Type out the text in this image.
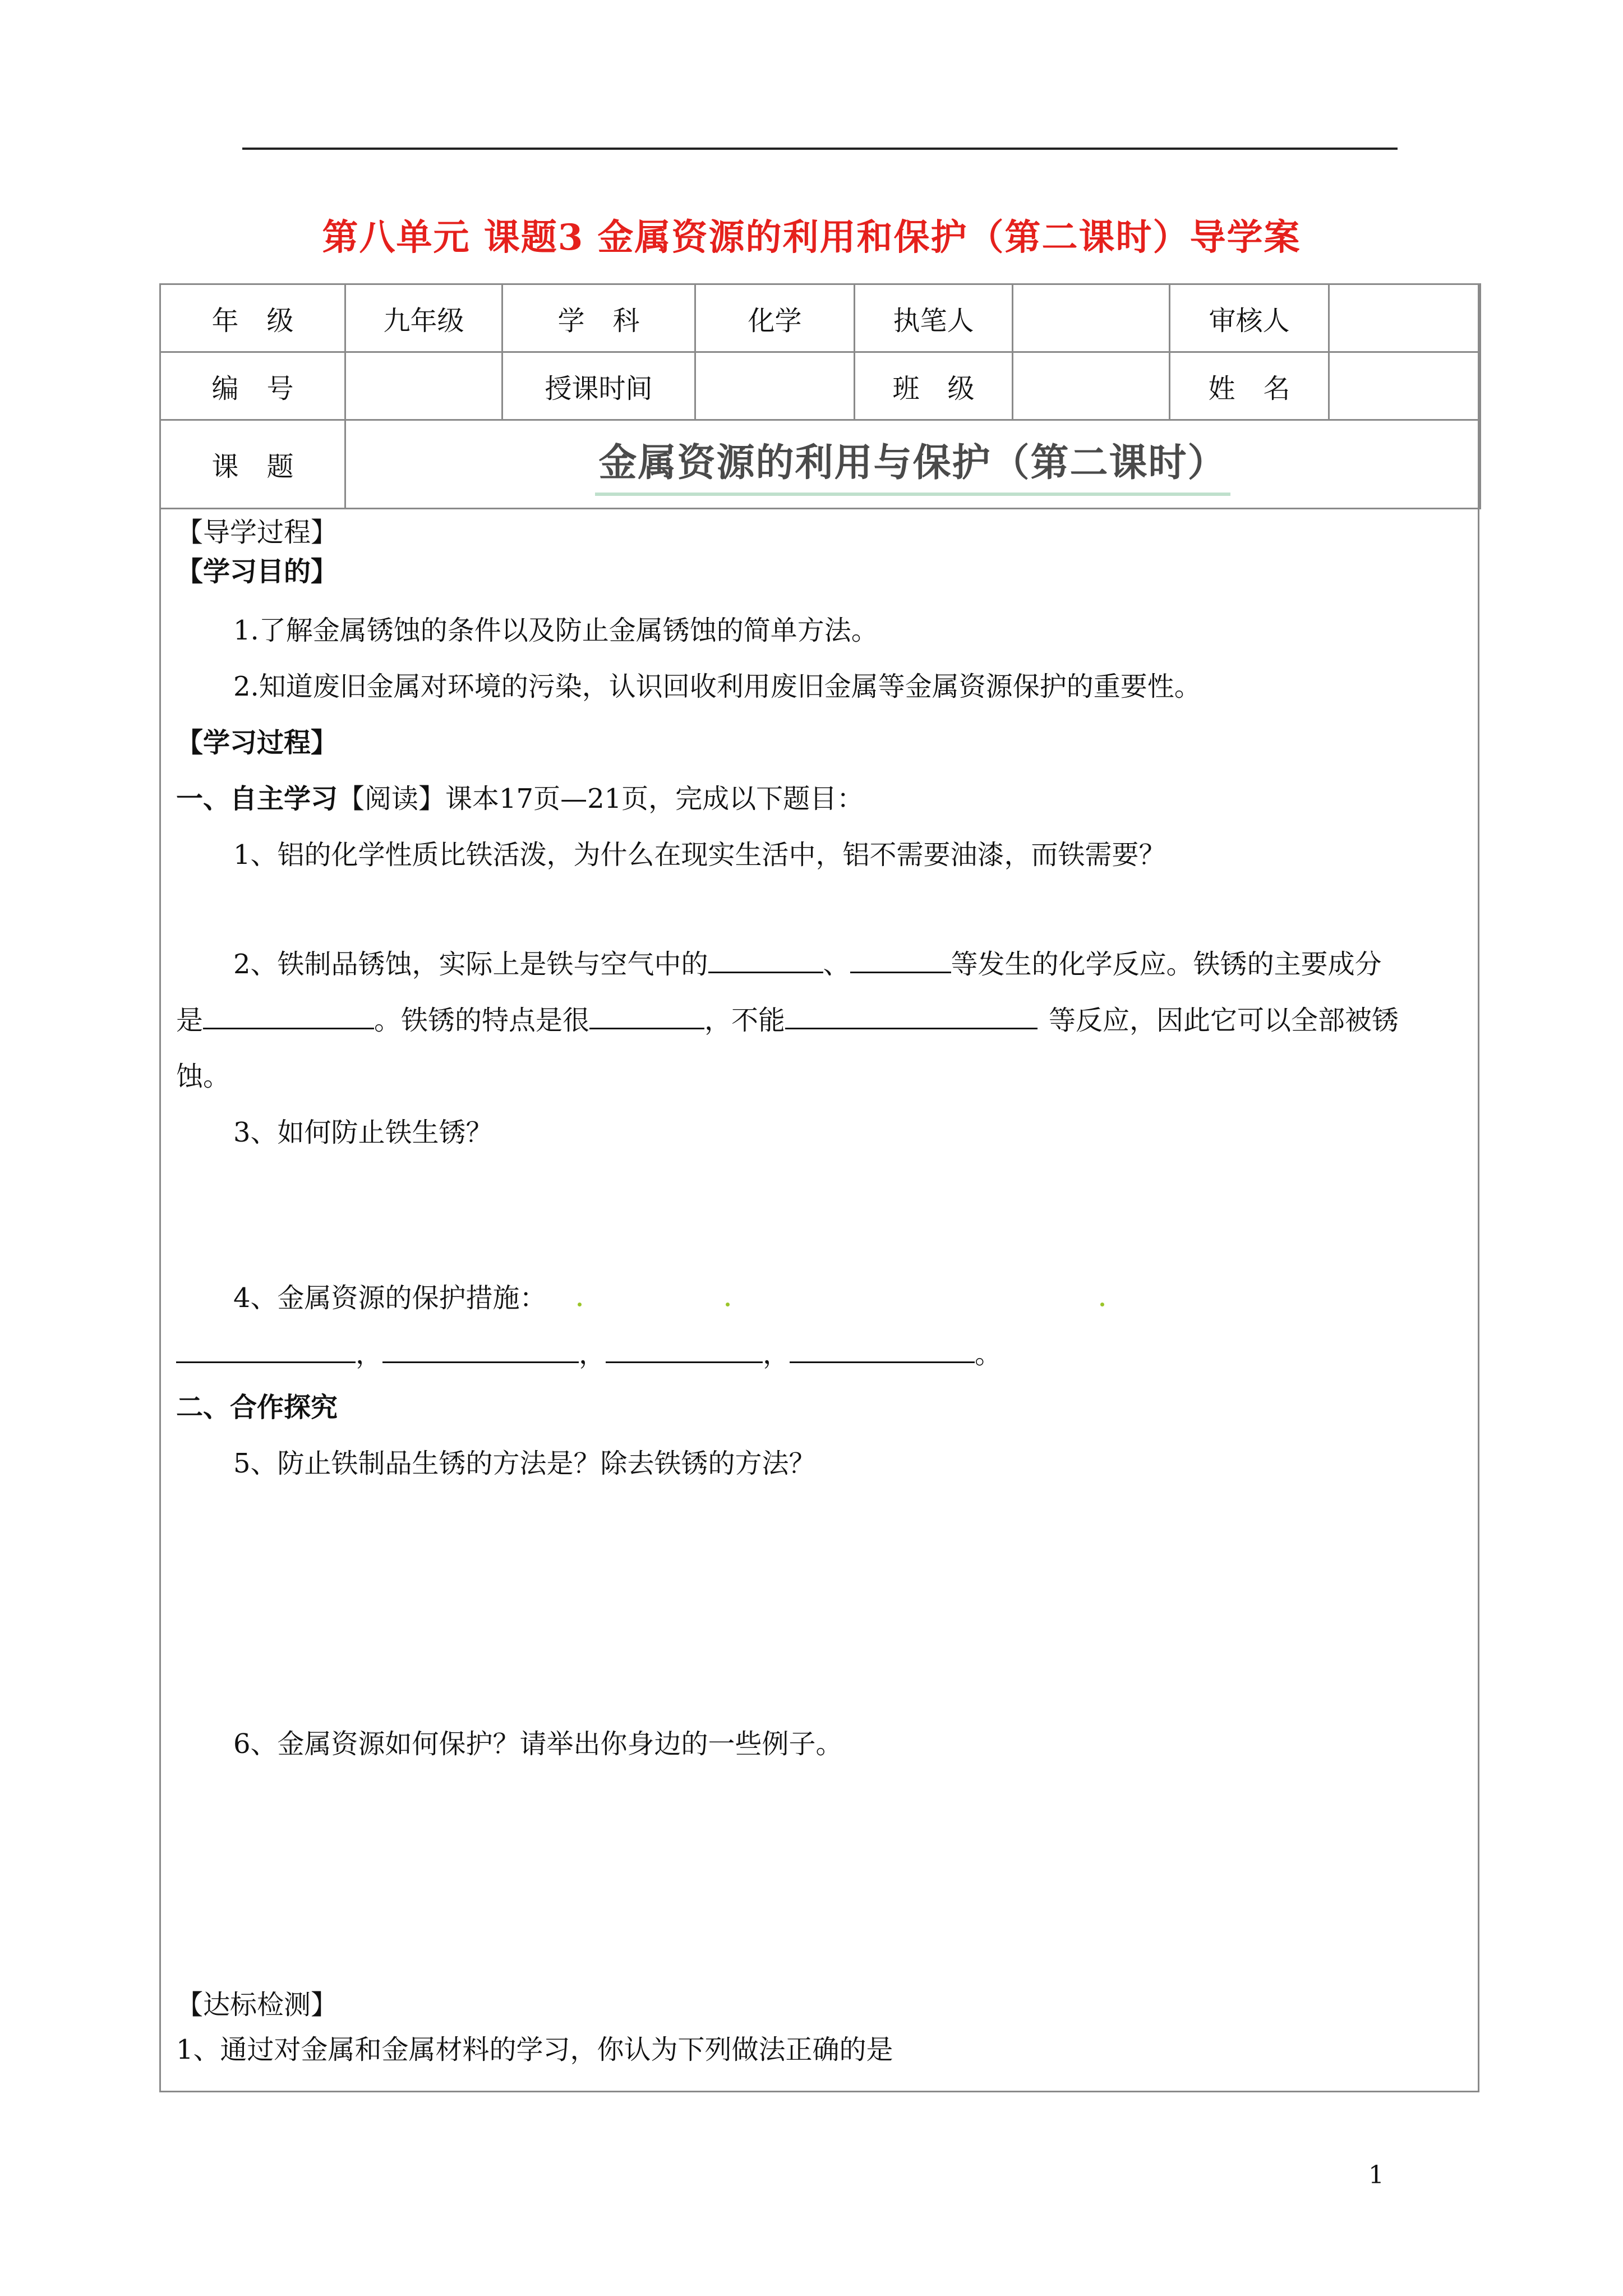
第八单元 课题3 金属资源的利用和保护（第二课时）导学案
年级	九年级	学科	化学	执笔人		审核人	
编号		授课时间		班级		姓名	
课题	金属资源的利用与保护（第二课时）						
【导学过程】
【学习目的】
1.了解金属锈蚀的条件以及防止金属锈蚀的简单方法。
2.知道废旧金属对环境的污染，认识回收利用废旧金属等金属资源保护的重要性。
【学习过程】
一、自主学习【阅读】课本17页—21页，完成以下题目：
1、铝的化学性质比铁活泼，为什么在现实生活中，铝不需要油漆，而铁需要？
2、铁制品锈蚀，实际上是铁与空气中的	、	等发生的化学反应。铁锈的主要成分
是	。铁锈的特点是很	，不能	等反应，因此它可以全部被锈
蚀。
3、如何防止铁生锈？
4、金属资源的保护措施：
，	，	，	。
二、合作探究
5、防止铁制品生锈的方法是？除去铁锈的方法？
6、金属资源如何保护？请举出你身边的一些例子。
【达标检测】
1、通过对金属和金属材料的学习，你认为下列做法正确的是
1
